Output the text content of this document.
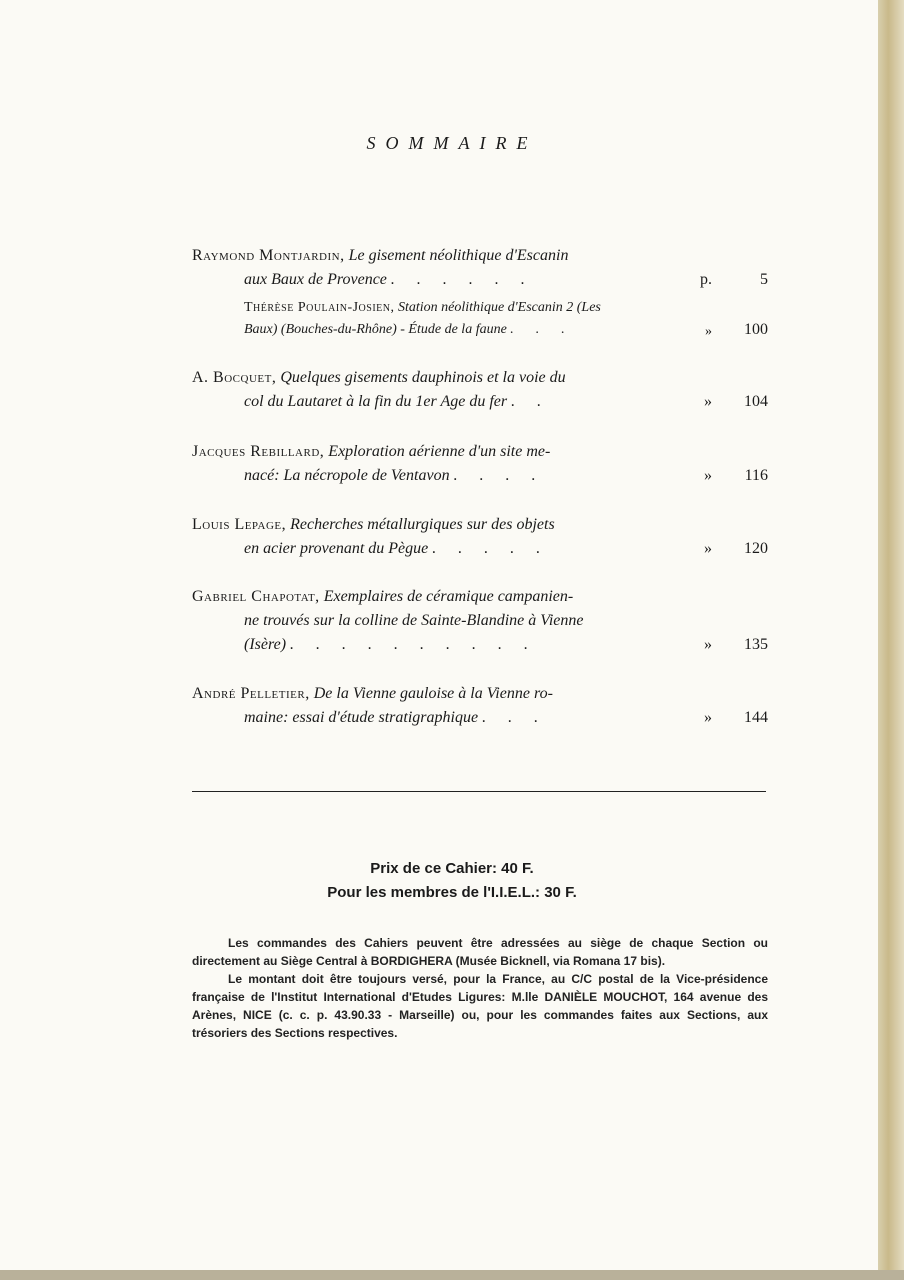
SOMMAIRE
Raymond Montjardin, Le gisement néolithique d'Escanin
aux Baux de Provence ......	p.	5
Thérèse Poulain-Josien, Station néolithique d'Escanin 2 (Les
Baux) (Bouches-du-Rhône) - Étude de la faune ...	»	100
A. Bocquet, Quelques gisements dauphinois et la voie du
col du Lautaret à la fin du 1er Age du fer ..	»	104
Jacques Rebillard, Exploration aérienne d'un site me-
nacé: La nécropole de Ventavon ....	»	116
Louis Lepage, Recherches métallurgiques sur des objets
en acier provenant du Pègue .....	»	120
Gabriel Chapotat, Exemplaires de céramique campanien-
ne trouvés sur la colline de Sainte-Blandine à Vienne
(Isère) ..........	»	135
André Pelletier, De la Vienne gauloise à la Vienne ro-
maine: essai d'étude stratigraphique ...	»	144
Prix de ce Cahier: 40 F.
Pour les membres de l'I.I.E.L.: 30 F.

Les commandes des Cahiers peuvent être adressées au siège de chaque Section ou directement au Siège Central à BORDIGHERA (Musée Bicknell, via Romana 17 bis).

Le montant doit être toujours versé, pour la France, au C/C postal de la Vice-présidence française de l'Institut International d'Etudes Ligures: M.lle DANIÈLE MOUCHOT, 164 avenue des Arènes, NICE (c. c. p. 43.90.33 - Marseille) ou, pour les commandes faites aux Sections, aux trésoriers des Sections respectives.
